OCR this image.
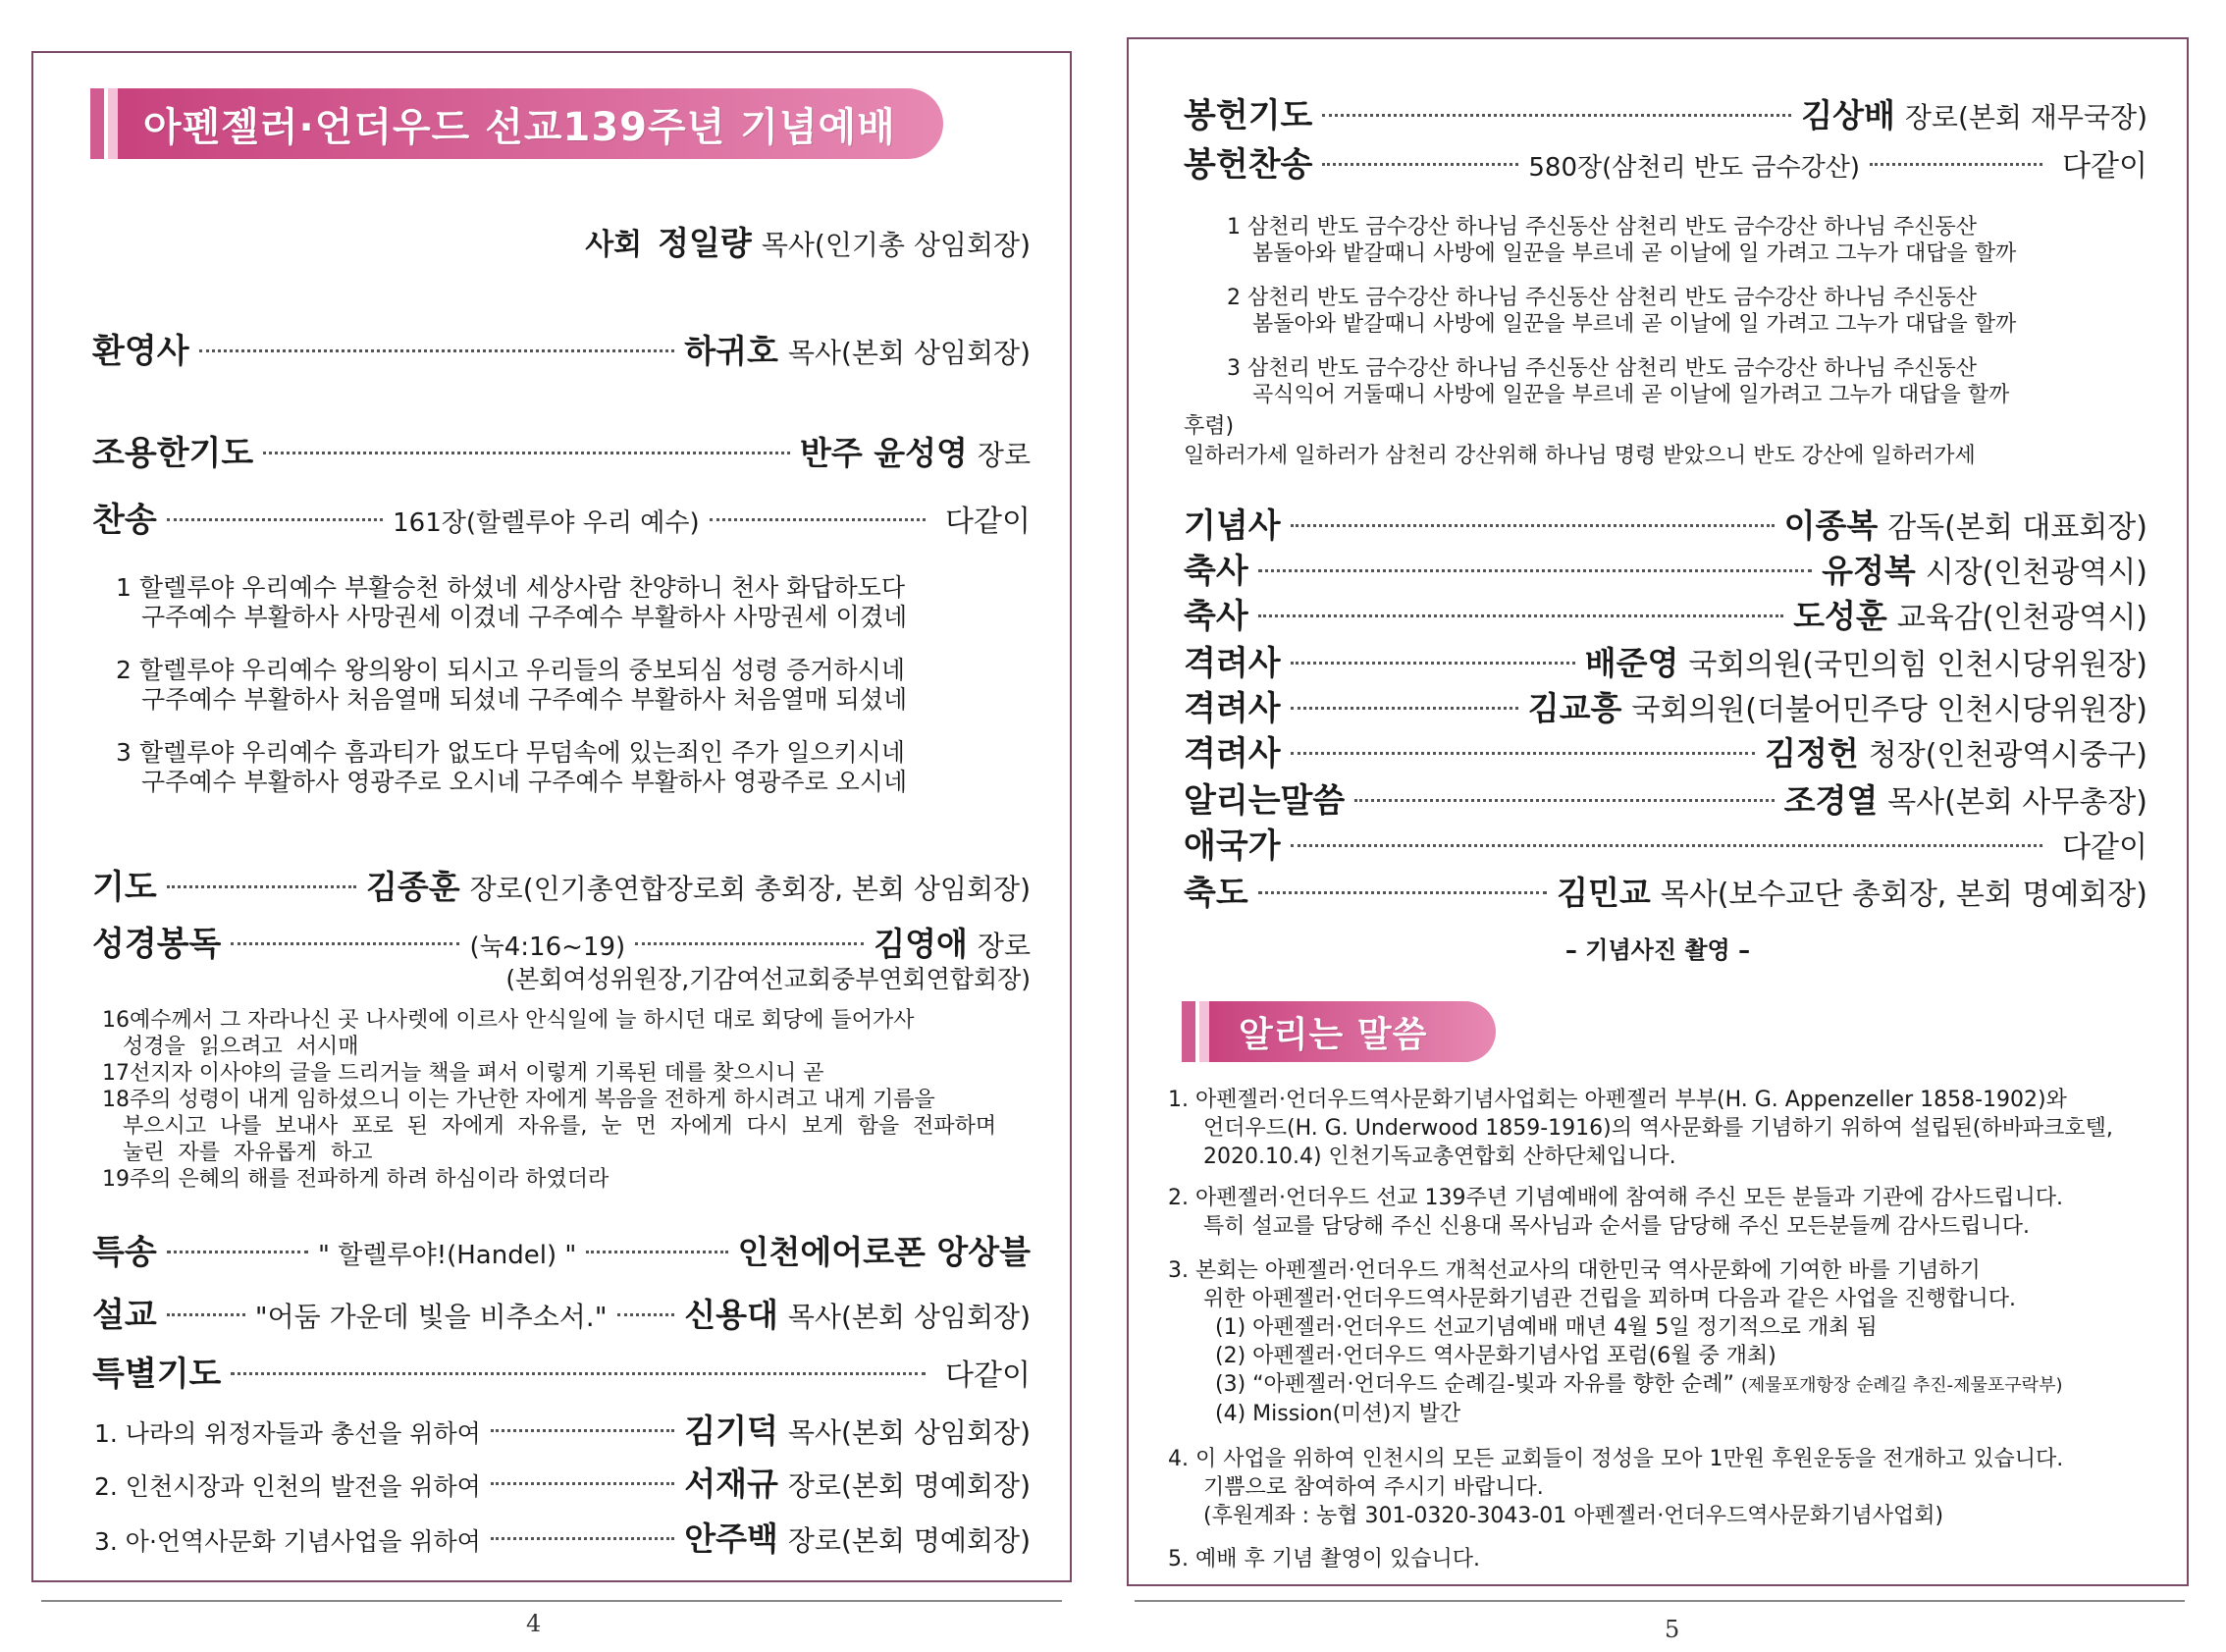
아펜젤러·언더우드 선교139주년 기념예배
사회 정일량 목사(인기총 상임회장)
환영사	하귀호 목사(본회 상임회장)
조용한기도	반주 윤성영 장로
찬송	161장(할렐루야 우리 예수)	다같이
1 할렐루야 우리예수 부활승천 하셨네 세상사람 찬양하니 천사 화답하도다
구주예수 부활하사 사망권세 이겼네 구주예수 부활하사 사망권세 이겼네
2 할렐루야 우리예수 왕의왕이 되시고 우리들의 중보되심 성령 증거하시네
구주예수 부활하사 처음열매 되셨네 구주예수 부활하사 처음열매 되셨네
3 할렐루야 우리예수 흠과티가 없도다 무덤속에 있는죄인 주가 일으키시네
구주예수 부활하사 영광주로 오시네 구주예수 부활하사 영광주로 오시네
기도	김종훈 장로(인기총연합장로회 총회장, 본회 상임회장)
성경봉독	(눅4:16~19)	김영애 장로
(본회여성위원장,기감여선교회중부연회연합회장)
16예수께서 그 자라나신 곳 나사렛에 이르사 안식일에 늘 하시던 대로 회당에 들어가사
성경을  읽으려고  서시매
17선지자 이사야의 글을 드리거늘 책을 펴서 이렇게 기록된 데를 찾으시니 곧
18주의 성령이 내게 임하셨으니 이는 가난한 자에게 복음을 전하게 하시려고 내게 기름을
부으시고  나를  보내사  포로  된  자에게  자유를,  눈  먼  자에게  다시  보게  함을  전파하며
눌린  자를  자유롭게  하고
19주의 은혜의 해를 전파하게 하려 하심이라 하였더라
특송	" 할렐루야!(Handel) "	인천에어로폰 앙상블
설교	"어둠 가운데 빛을 비추소서." 신용대 목사(본회 상임회장)
특별기도	다같이
1. 나라의 위정자들과 총선을 위하여	김기덕 목사(본회 상임회장)
2. 인천시장과 인천의 발전을 위하여	서재규 장로(본회 명예회장)
3. 아·언역사문화 기념사업을 위하여	안주백 장로(본회 명예회장)
4
봉헌기도	김상배 장로(본회 재무국장)
봉헌찬송	580장(삼천리 반도 금수강산)	다같이
1 삼천리 반도 금수강산 하나님 주신동산 삼천리 반도 금수강산 하나님 주신동산
봄돌아와 밭갈때니 사방에 일꾼을 부르네 곧 이날에 일 가려고 그누가 대답을 할까
2 삼천리 반도 금수강산 하나님 주신동산 삼천리 반도 금수강산 하나님 주신동산
봄돌아와 밭갈때니 사방에 일꾼을 부르네 곧 이날에 일 가려고 그누가 대답을 할까
3 삼천리 반도 금수강산 하나님 주신동산 삼천리 반도 금수강산 하나님 주신동산
곡식익어 거둘때니 사방에 일꾼을 부르네 곧 이날에 일가려고 그누가 대답을 할까
후렴)
일하러가세 일하러가 삼천리 강산위해 하나님 명령 받았으니 반도 강산에 일하러가세
기념사	이종복 감독(본회 대표회장)
축사	유정복 시장(인천광역시)
축사	도성훈 교육감(인천광역시)
격려사	배준영 국회의원(국민의힘 인천시당위원장)
격려사	김교흥 국회의원(더불어민주당 인천시당위원장)
격려사	김정헌 청장(인천광역시중구)
알리는말씀	조경열 목사(본회 사무총장)
애국가	다같이
축도	김민교 목사(보수교단 총회장, 본회 명예회장)
– 기념사진 촬영 –
알리는 말씀
1. 아펜젤러·언더우드역사문화기념사업회는 아펜젤러 부부(H. G. Appenzeller 1858-1902)와
언더우드(H. G. Underwood 1859-1916)의 역사문화를 기념하기 위하여 설립된(하바파크호텔,
2020.10.4) 인천기독교총연합회 산하단체입니다.
2. 아펜젤러·언더우드 선교 139주년 기념예배에 참여해 주신 모든 분들과 기관에 감사드립니다.
특히 설교를 담당해 주신 신용대 목사님과 순서를 담당해 주신 모든분들께 감사드립니다.
3. 본회는 아펜젤러·언더우드 개척선교사의 대한민국 역사문화에 기여한 바를 기념하기
위한 아펜젤러·언더우드역사문화기념관 건립을 꾀하며 다음과 같은 사업을 진행합니다.
(1) 아펜젤러·언더우드 선교기념예배 매년 4월 5일 정기적으로 개최 됨
(2) 아펜젤러·언더우드 역사문화기념사업 포럼(6월 중 개최)
(3) “아펜젤러·언더우드 순례길-빛과 자유를 향한 순례” (제물포개항장 순례길 추진-제물포구락부)
(4) Mission(미션)지 발간
4. 이 사업을 위하여 인천시의 모든 교회들이 정성을 모아 1만원 후원운동을 전개하고 있습니다.
기쁨으로 참여하여 주시기 바랍니다.
(후원계좌 : 농협 301-0320-3043-01 아펜젤러·언더우드역사문화기념사업회)
5. 예배 후 기념 촬영이 있습니다.
5
